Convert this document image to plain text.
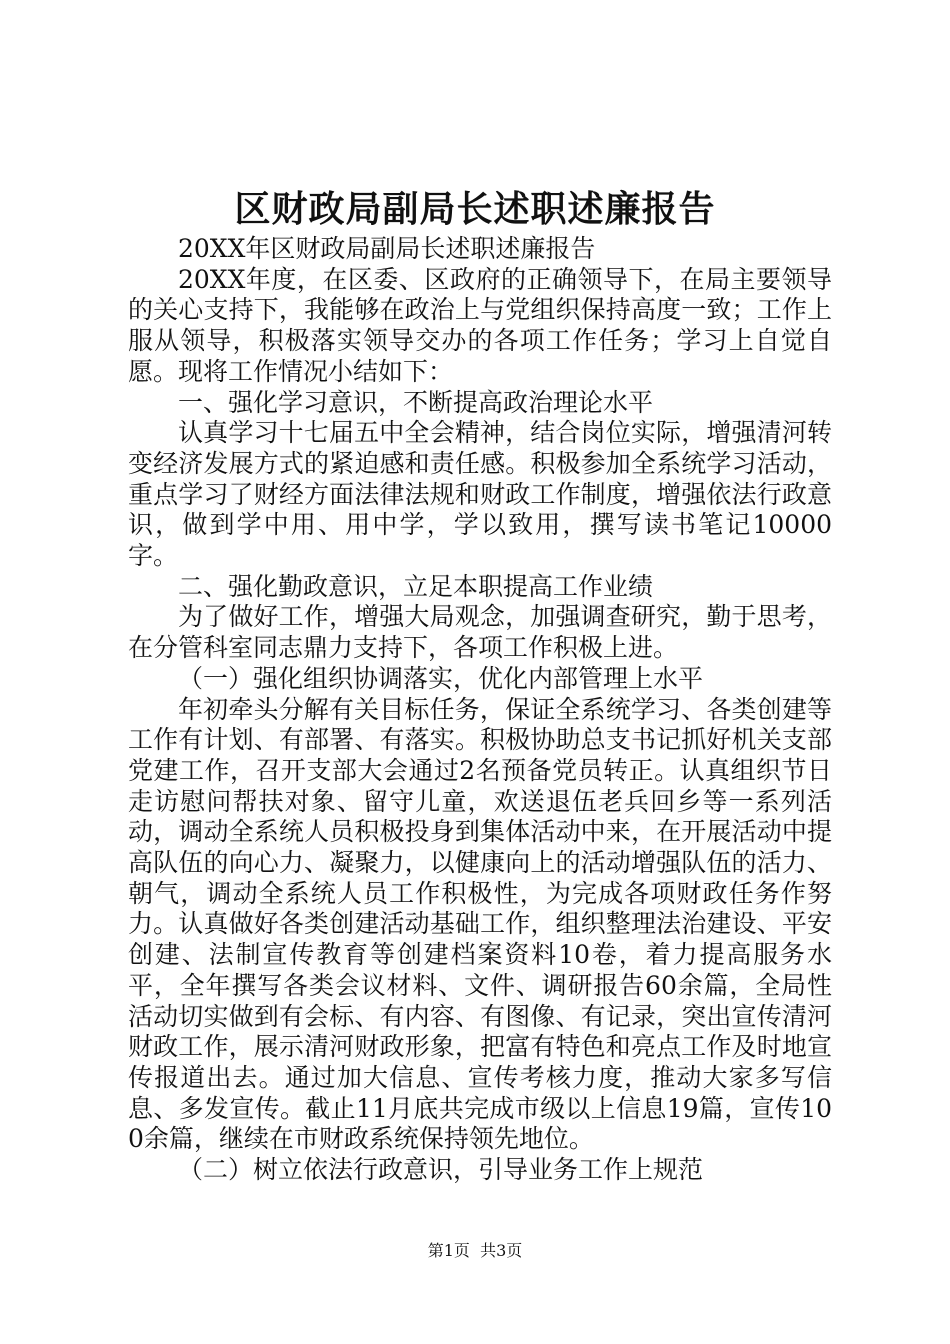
区财政局副局长述职述廉报告

20XX年区财政局副局长述职述廉报告

20XX年度，在区委、区政府的正确领导下，在局主要领导的关心支持下，我能够在政治上与党组织保持高度一致；工作上服从领导，积极落实领导交办的各项工作任务；学习上自觉自愿。现将工作情况小结如下：

一、强化学习意识，不断提高政治理论水平

认真学习十七届五中全会精神，结合岗位实际，增强清河转变经济发展方式的紧迫感和责任感。积极参加全系统学习活动，重点学习了财经方面法律法规和财政工作制度，增强依法行政意识，做到学中用、用中学，学以致用，撰写读书笔记10000字。

二、强化勤政意识，立足本职提高工作业绩

为了做好工作，增强大局观念，加强调查研究，勤于思考，在分管科室同志鼎力支持下，各项工作积极上进。

（一）强化组织协调落实，优化内部管理上水平

年初牵头分解有关目标任务，保证全系统学习、各类创建等工作有计划、有部署、有落实。积极协助总支书记抓好机关支部党建工作，召开支部大会通过2名预备党员转正。认真组织节日走访慰问帮扶对象、留守儿童，欢送退伍老兵回乡等一系列活动，调动全系统人员积极投身到集体活动中来，在开展活动中提高队伍的向心力、凝聚力，以健康向上的活动增强队伍的活力、朝气，调动全系统人员工作积极性，为完成各项财政任务作努力。认真做好各类创建活动基础工作，组织整理法治建设、平安创建、法制宣传教育等创建档案资料10卷，着力提高服务水平，全年撰写各类会议材料、文件、调研报告60余篇，全局性活动切实做到有会标、有内容、有图像、有记录，突出宣传清河财政工作，展示清河财政形象，把富有特色和亮点工作及时地宣传报道出去。通过加大信息、宣传考核力度，推动大家多写信息、多发宣传。截止11月底共完成市级以上信息19篇，宣传100余篇，继续在市财政系统保持领先地位。

（二）树立依法行政意识，引导业务工作上规范

第1页  共3页
